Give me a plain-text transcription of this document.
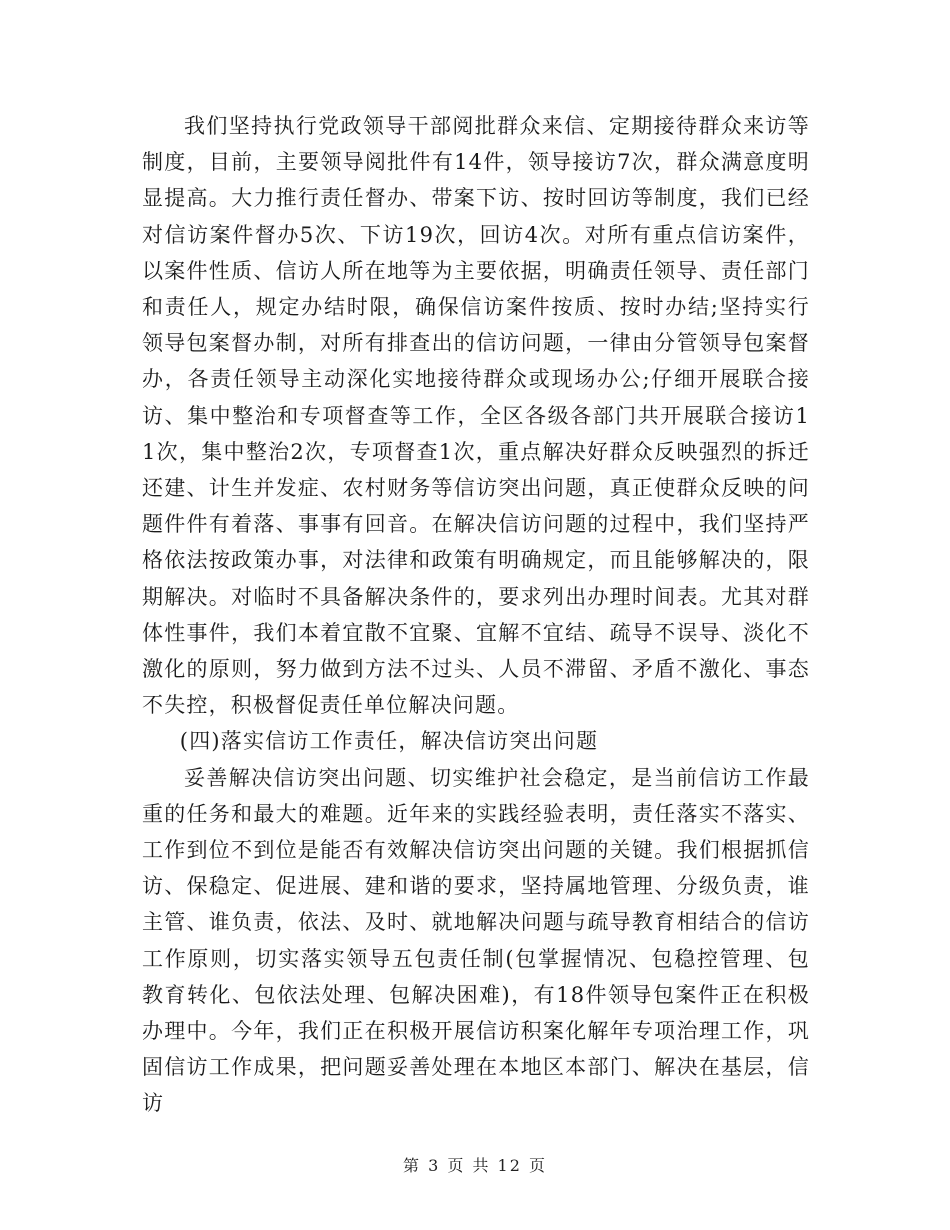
我们坚持执行党政领导干部阅批群众来信、定期接待群众来访等制度，目前，主要领导阅批件有14件，领导接访7次，群众满意度明显提高。大力推行责任督办、带案下访、按时回访等制度，我们已经对信访案件督办5次、下访19次，回访4次。对所有重点信访案件，以案件性质、信访人所在地等为主要依据，明确责任领导、责任部门和责任人，规定办结时限，确保信访案件按质、按时办结;坚持实行领导包案督办制，对所有排查出的信访问题，一律由分管领导包案督办，各责任领导主动深化实地接待群众或现场办公;仔细开展联合接访、集中整治和专项督查等工作，全区各级各部门共开展联合接访11次，集中整治2次，专项督查1次，重点解决好群众反映强烈的拆迁还建、计生并发症、农村财务等信访突出问题，真正使群众反映的问题件件有着落、事事有回音。在解决信访问题的过程中，我们坚持严格依法按政策办事，对法律和政策有明确规定，而且能够解决的，限期解决。对临时不具备解决条件的，要求列出办理时间表。尤其对群体性事件，我们本着宜散不宜聚、宜解不宜结、疏导不误导、淡化不激化的原则，努力做到方法不过头、人员不滞留、矛盾不激化、事态不失控，积极督促责任单位解决问题。

(四)落实信访工作责任，解决信访突出问题

妥善解决信访突出问题、切实维护社会稳定，是当前信访工作最重的任务和最大的难题。近年来的实践经验表明，责任落实不落实、工作到位不到位是能否有效解决信访突出问题的关键。我们根据抓信访、保稳定、促进展、建和谐的要求，坚持属地管理、分级负责，谁主管、谁负责，依法、及时、就地解决问题与疏导教育相结合的信访工作原则，切实落实领导五包责任制(包掌握情况、包稳控管理、包教育转化、包依法处理、包解决困难)，有18件领导包案件正在积极办理中。今年，我们正在积极开展信访积案化解年专项治理工作，巩固信访工作成果，把问题妥善处理在本地区本部门、解决在基层，信访

第 3 页 共 12 页
